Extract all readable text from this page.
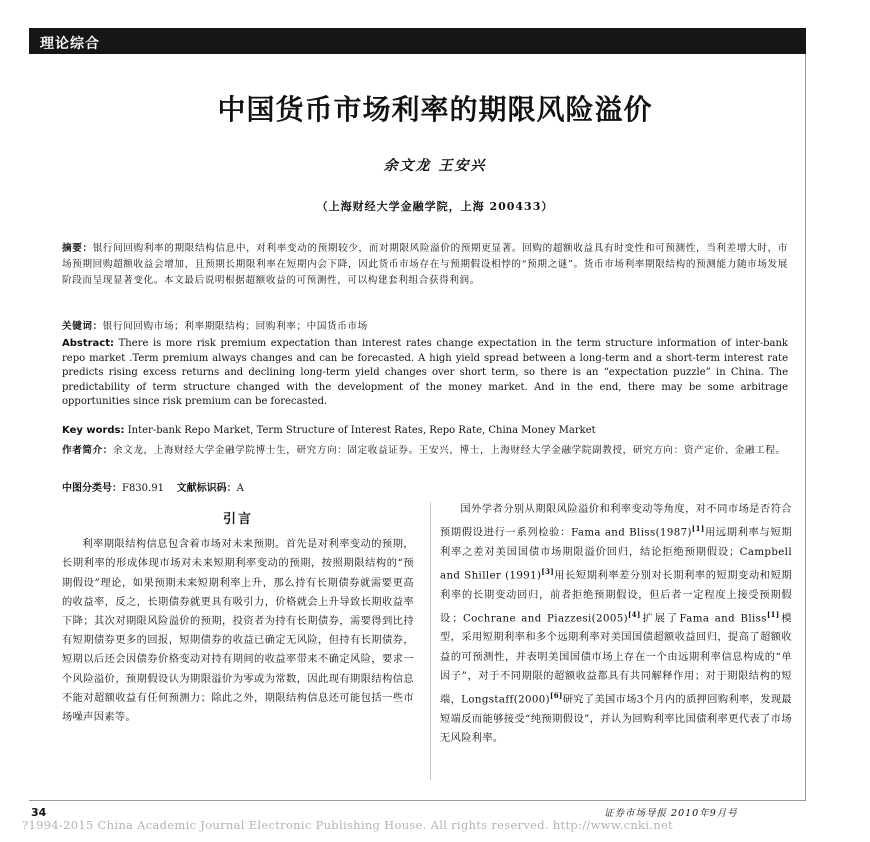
理论综合
中国货币市场利率的期限风险溢价
余文龙 王安兴
（上海财经大学金融学院，上海 200433）

摘要：银行间回购利率的期限结构信息中，对利率变动的预期较少，而对期限风险溢价的预期更显著。回购的超额收益具有时变性和可预测性，当利差增大时，市场预期回购超额收益会增加，且预期长期限利率在短期内会下降，因此货币市场存在与预期假设相悖的“预期之谜”。货币市场利率期限结构的预测能力随市场发展阶段而呈现显著变化。本文最后说明根据超额收益的可预测性，可以构建套利组合获得利润。

关键词：银行间回购市场；利率期限结构；回购利率；中国货币市场

Abstract: There is more risk premium expectation than interest rates change expectation in the term structure information of inter-bank repo market .Term premium always changes and can be forecasted. A high yield spread between a long-term and a short-term interest rate predicts rising excess returns and declining long-term yield changes over short term, so there is an “expectation puzzle” in China. The predictability of term structure changed with the development of the money market. And in the end, there may be some arbitrage opportunities since risk premium can be forecasted.

Key words: Inter-bank Repo Market, Term Structure of Interest Rates, Repo Rate, China Money Market

作者简介：余文龙，上海财经大学金融学院博士生，研究方向：固定收益证券。王安兴，博士，上海财经大学金融学院副教授，研究方向：资产定价、金融工程。

中图分类号：F830.91 文献标识码：A

引言

利率期限结构信息包含着市场对未来预期。首先是对利率变动的预期，长期利率的形成体现市场对未来短期利率变动的预期，按照期限结构的“预期假设”理论，如果预期未来短期利率上升，那么持有长期债券就需要更高的收益率，反之，长期债券就更具有吸引力，价格就会上升导致长期收益率下降；其次对期限风险溢价的预期，投资者为持有长期债券，需要得到比持有短期债券更多的回报，短期债券的收益已确定无风险，但持有长期债券，短期以后还会因债券价格变动对持有期间的收益率带来不确定风险，要求一个风险溢价，预期假设认为期限溢价为零或为常数，因此现有期限结构信息不能对超额收益有任何预测力；除此之外，期限结构信息还可能包括一些市场噪声因素等。

国外学者分别从期限风险溢价和利率变动等角度，对不同市场是否符合预期假设进行一系列检验：Fama and Bliss(1987)[1]用远期利率与短期利率之差对美国国债市场期限溢价回归，结论拒绝预期假设；Campbell and Shiller (1991)[3]用长短期利率差分别对长期利率的短期变动和短期利率的长期变动回归，前者拒绝预期假设，但后者一定程度上接受预期假设；Cochrane and Piazzesi(2005)[4]扩展了Fama and Bliss[1]模型，采用短期利率和多个远期利率对美国国债超额收益回归，提高了超额收益的可预测性，并表明美国国债市场上存在一个由远期利率信息构成的“单因子”，对于不同期限的超额收益都具有共同解释作用；对于期限结构的短端，Longstaff(2000)[6]研究了美国市场3个月内的质押回购利率，发现最短端反而能够接受“纯预期假设”，并认为回购利率比国债利率更代表了市场无风险利率。

34	证券市场导报 2010年9月号
?1994-2015 China Academic Journal Electronic Publishing House. All rights reserved. http://www.cnki.net
